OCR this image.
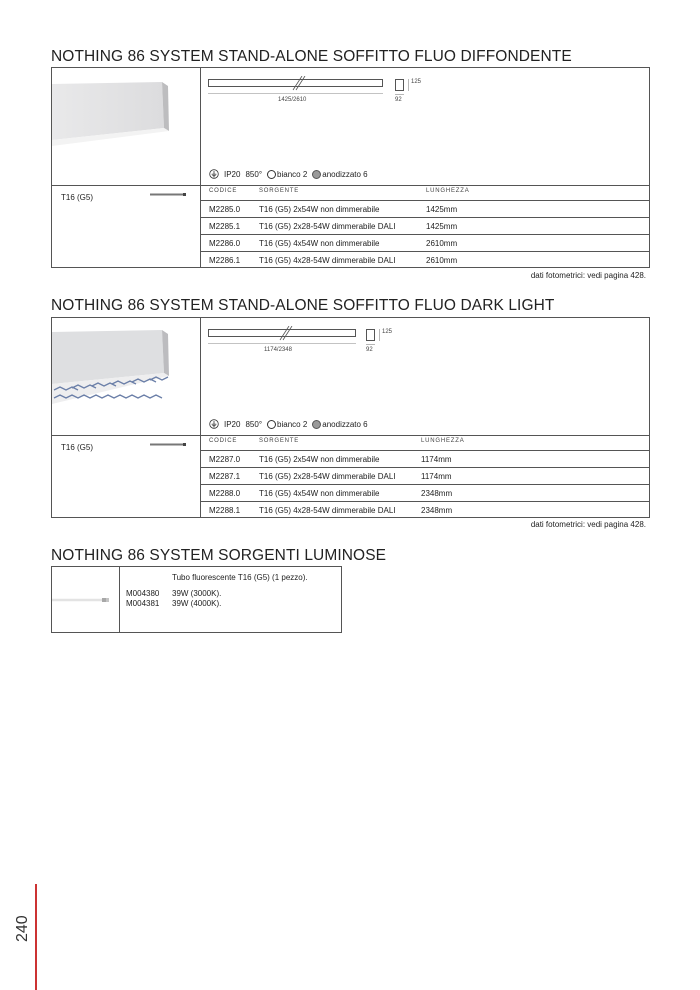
NOTHING 86 SYSTEM STAND-ALONE SOFFITTO FLUO DIFFONDENTE
T16 (G5)
1425/2610
125
92
IP20 850° bianco 2 anodizzato 6
CODICE	SORGENTE	LUNGHEZZA
M2285.0 T16 (G5) 2x54W non dimmerabile	1425mm
M2285.1 T16 (G5) 2x28-54W dimmerabile DALI	1425mm
M2286.0 T16 (G5) 4x54W non dimmerabile	2610mm
M2286.1 T16 (G5) 4x28-54W dimmerabile DALI	2610mm
dati fotometrici: vedi pagina 428.
NOTHING 86 SYSTEM STAND-ALONE SOFFITTO FLUO DARK LIGHT
T16 (G5)
1174/2348
125
92
IP20 850° bianco 2 anodizzato 6
CODICE	SORGENTE	LUNGHEZZA
M2287.0 T16 (G5) 2x54W non dimmerabile	1174mm
M2287.1 T16 (G5) 2x28-54W dimmerabile DALI	1174mm
M2288.0 T16 (G5) 4x54W non dimmerabile	2348mm
M2288.1 T16 (G5) 4x28-54W dimmerabile DALI	2348mm
dati fotometrici: vedi pagina 428.
NOTHING 86 SYSTEM SORGENTI LUMINOSE
Tubo fluorescente T16 (G5) (1 pezzo).
M004380 39W (3000K).
M004381 39W (4000K).
240
